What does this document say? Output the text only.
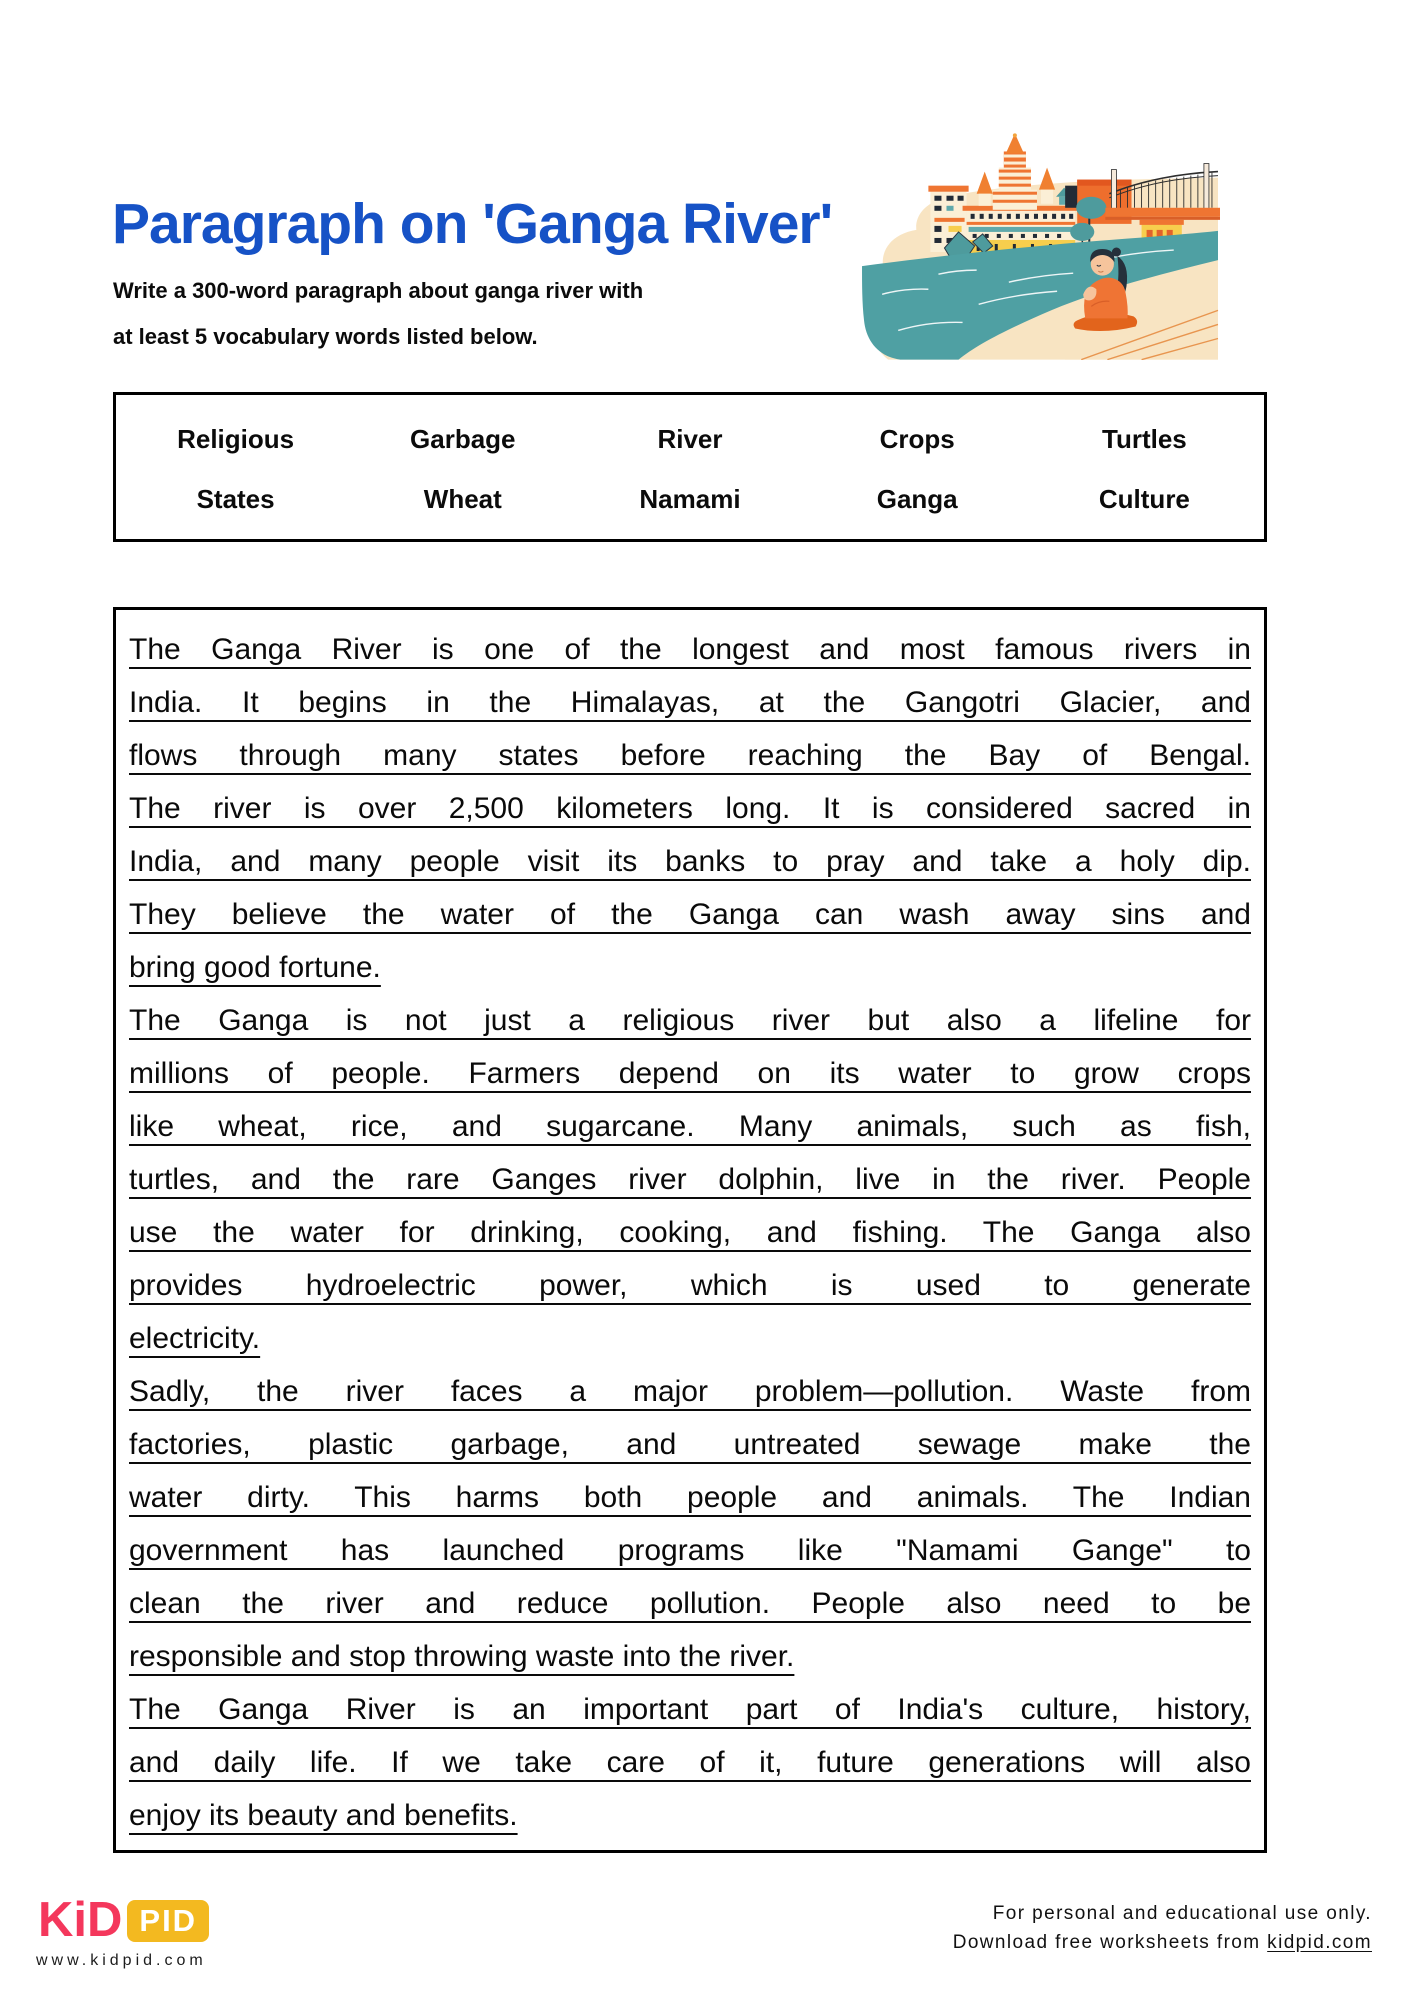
Paragraph on 'Ganga River'

Write a 300-word paragraph about ganga river with
at least 5 vocabulary words listed below.

Religious	Garbage	River	Crops	Turtles
States	Wheat	Namami	Ganga	Culture
The Ganga River is one of the longest and most famous rivers in
India. It begins in the Himalayas, at the Gangotri Glacier, and
flows through many states before reaching the Bay of Bengal.
The river is over 2,500 kilometers long. It is considered sacred in
India, and many people visit its banks to pray and take a holy dip.
They believe the water of the Ganga can wash away sins and
bring good fortune.
The Ganga is not just a religious river but also a lifeline for
millions of people. Farmers depend on its water to grow crops
like wheat, rice, and sugarcane. Many animals, such as fish,
turtles, and the rare Ganges river dolphin, live in the river. People
use the water for drinking, cooking, and fishing. The Ganga also
provides hydroelectric power, which is used to generate
electricity.
Sadly, the river faces a major problem—pollution. Waste from
factories, plastic garbage, and untreated sewage make the
water dirty. This harms both people and animals. The Indian
government has launched programs like "Namami Gange" to
clean the river and reduce pollution. People also need to be
responsible and stop throwing waste into the river.
The Ganga River is an important part of India's culture, history,
and daily life. If we take care of it, future generations will also
enjoy its beauty and benefits.
KiD PID
www.kidpid.com
For personal and educational use only.
Download free worksheets from kidpid.com
